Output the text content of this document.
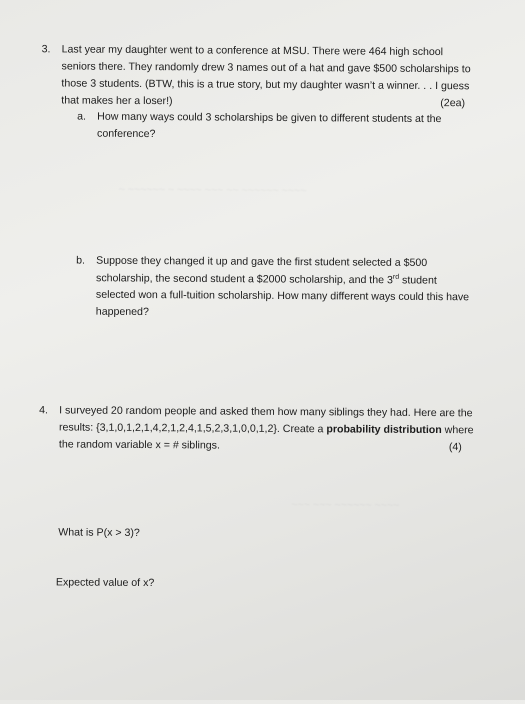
~ ~~~~~~ ~ ~~~~ ~~~ ~~ ~~~~~~ ~~~~
~~~ ~~~ ~~~~~~ ~~~~
3. Last year my daughter went to a conference at MSU. There were 464 high school
seniors there. They randomly drew 3 names out of a hat and gave $500 scholarships to
those 3 students. (BTW, this is a true story, but my daughter wasn’t a winner. . . I guess
that makes her a loser!)	(2ea)
a. How many ways could 3 scholarships be given to different students at the
conference?
b. Suppose they changed it up and gave the first student selected a $500
scholarship, the second student a $2000 scholarship, and the 3rd student
selected won a full-tuition scholarship. How many different ways could this have
happened?
4. I surveyed 20 random people and asked them how many siblings they had. Here are the
results: {3,1,0,1,2,1,4,2,1,2,4,1,5,2,3,1,0,0,1,2}. Create a probability distribution where
the random variable x = # siblings.	(4)
What is P(x > 3)?
Expected value of x?
